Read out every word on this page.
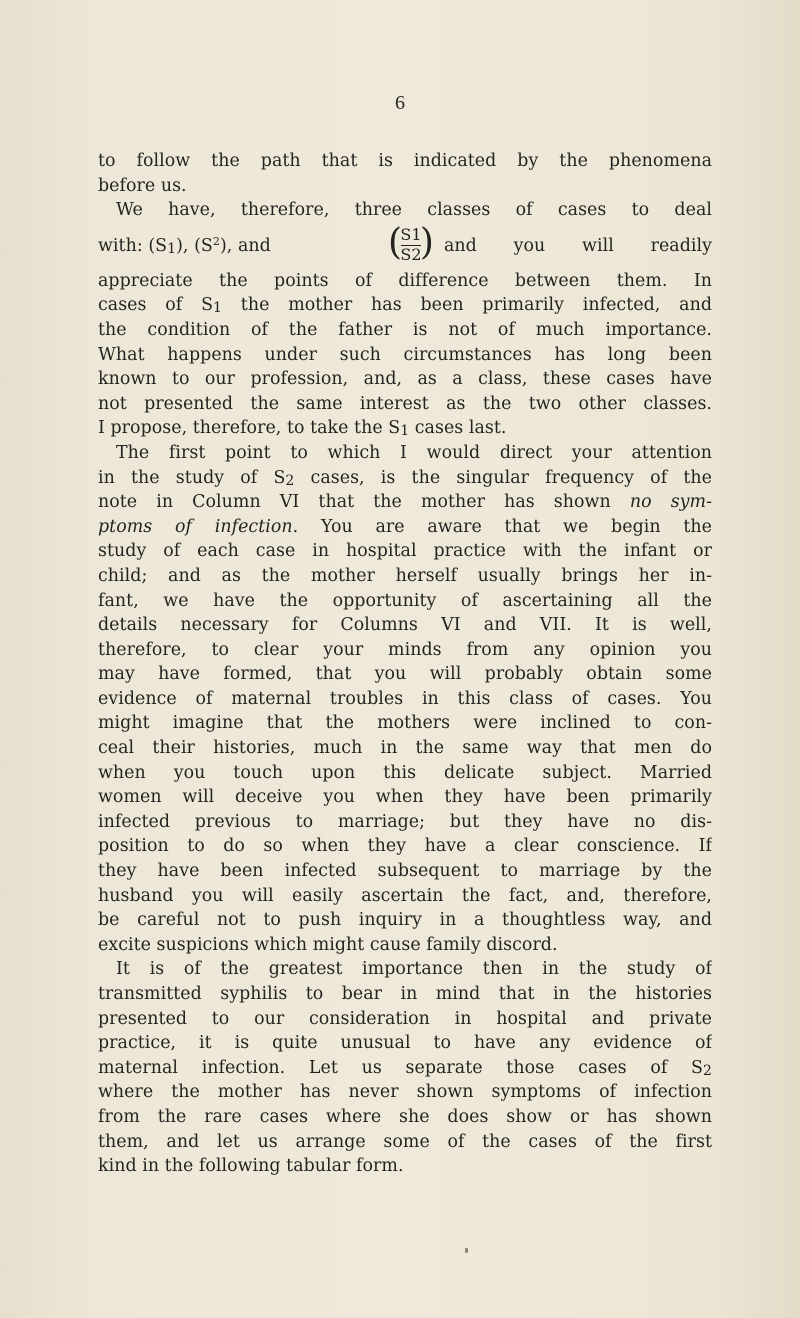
6
to follow the path that is indicated by the phenomena
before us.
We have, therefore, three classes of cases to deal
with: $(S_1)$, $(S^2)$, and	(
S1
S2
) and you will readily
appreciate the points of difference between them. In
cases of $S_1$ the mother has been primarily infected, and
the condition of the father is not of much importance.
What happens under such circumstances has long been
known to our profession, and, as a class, these cases have
not presented the same interest as the two other classes.
I propose, therefore, to take the $S_1$ cases last.
The first point to which I would direct your attention
in the study of $S_2$ cases, is the singular frequency of the
note in Column VI that the mother has shown no sym-
ptoms of infection. You are aware that we begin the
study of each case in hospital practice with the infant or
child; and as the mother herself usually brings her in-
fant, we have the opportunity of ascertaining all the
details necessary for Columns VI and VII. It is well,
therefore, to clear your minds from any opinion you
may have formed, that you will probably obtain some
evidence of maternal troubles in this class of cases. You
might imagine that the mothers were inclined to con-
ceal their histories, much in the same way that men do
when you touch upon this delicate subject. Married
women will deceive you when they have been primarily
infected previous to marriage; but they have no dis-
position to do so when they have a clear conscience. If
they have been infected subsequent to marriage by the
husband you will easily ascertain the fact, and, therefore,
be careful not to push inquiry in a thoughtless way, and
excite suspicions which might cause family discord.
It is of the greatest importance then in the study of
transmitted syphilis to bear in mind that in the histories
presented to our consideration in hospital and private
practice, it is quite unusual to have any evidence of
maternal infection. Let us separate those cases of $S_2$
where the mother has never shown symptoms of infection
from the rare cases where she does show or has shown
them, and let us arrange some of the cases of the first
kind in the following tabular form.
